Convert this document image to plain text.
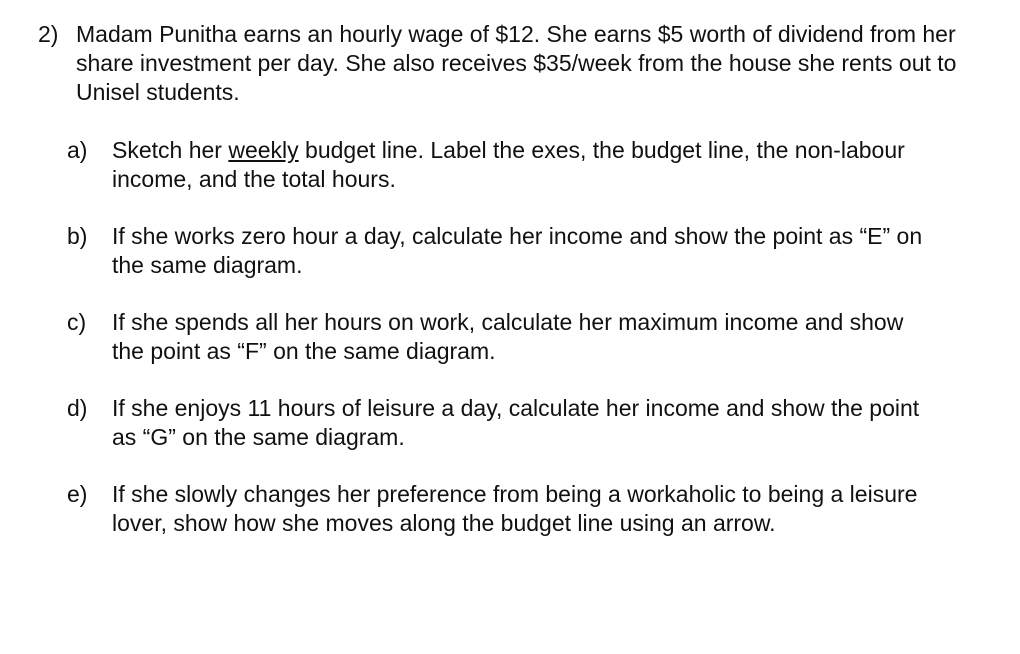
2) Madam Punitha earns an hourly wage of $12. She earns $5 worth of dividend from her share investment per day. She also receives $35/week from the house she rents out to Unisel students.
a)	Sketch her weekly budget line. Label the exes, the budget line, the non-labour income, and the total hours.
b)	If she works zero hour a day, calculate her income and show the point as “E” on the same diagram.
c)	If she spends all her hours on work, calculate her maximum income and show the point as “F” on the same diagram.
d)	If she enjoys 11 hours of leisure a day, calculate her income and show the point as “G” on the same diagram.
e)	If she slowly changes her preference from being a workaholic to being a leisure lover, show how she moves along the budget line using an arrow.
